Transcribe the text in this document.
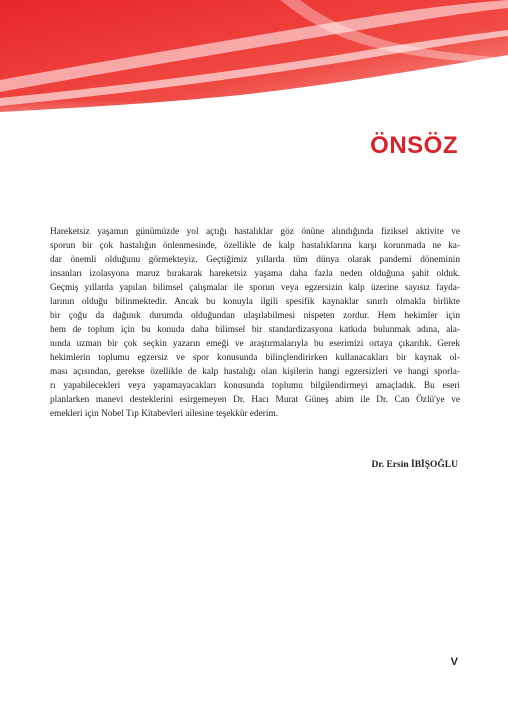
ÖNSÖZ
Hareketsiz yaşamın günümüzde yol açtığı hastalıklar göz önüne alındığında fiziksel aktivite ve
sporun bir çok hastalığın önlenmesinde, özellikle de kalp hastalıklarına karşı korunmada ne ka-
dar önemli olduğunu görmekteyiz. Geçtiğimiz yıllarda tüm dünya olarak pandemi döneminin
insanları izolasyona maruz bırakarak hareketsiz yaşama daha fazla neden olduğuna şahit olduk.
Geçmiş yıllarda yapılan bilimsel çalışmalar ile sporun veya egzersizin kalp üzerine sayısız fayda-
larının olduğu bilinmektedir. Ancak bu konuyla ilgili spesifik kaynaklar sınırlı olmakla birlikte
bir çoğu da dağınık durumda olduğundan ulaşılabilmesi nispeten zordur. Hem hekimler için
hem de toplum için bu konuda daha bilimsel bir standardizasyona katkıda bulunmak adına, ala-
nında uzman bir çok seçkin yazarın emeği ve araştırmalarıyla bu eserimizi ortaya çıkardık. Gerek
hekimlerin toplumu egzersiz ve spor konusunda bilinçlendirirken kullanacakları bir kaynak ol-
ması açısından, gerekse özellikle de kalp hastalığı olan kişilerin hangi egzersizleri ve hangi sporla-
rı yapabilecekleri veya yapamayacakları konusunda toplumu bilgilendirmeyi amaçladık. Bu eseri
planlarken manevi desteklerini esirgemeyen Dr. Hacı Murat Güneş abim ile Dr. Can Özlü'ye ve
emekleri için Nobel Tıp Kitabevleri ailesine teşekkür ederim.
Dr. Ersin İBİŞOĞLU
V
